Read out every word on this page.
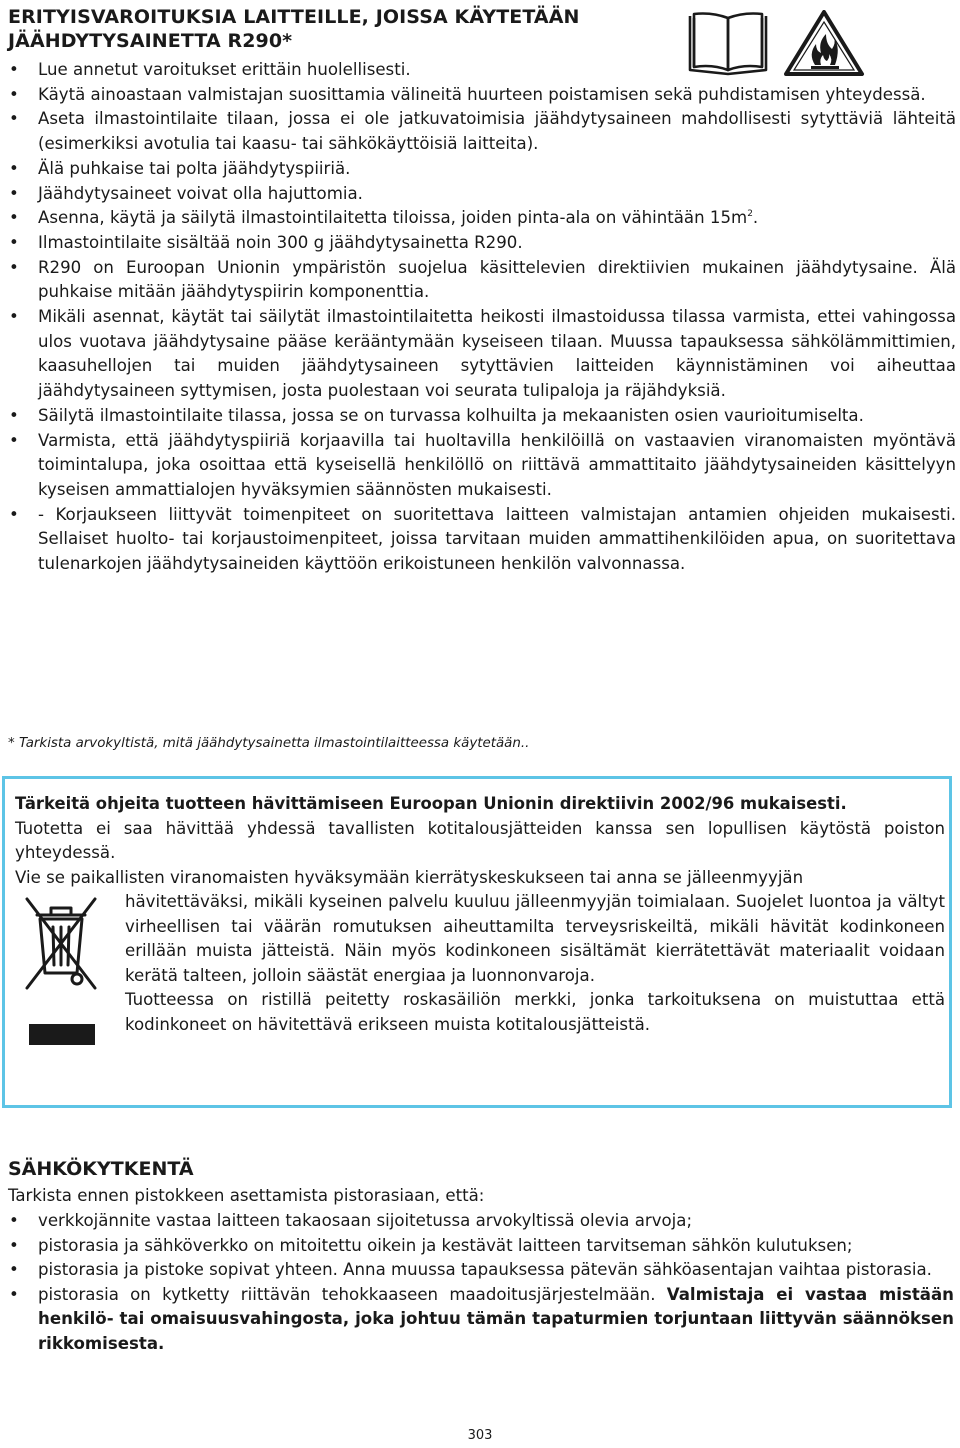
ERITYISVAROITUKSIA LAITTEILLE, JOISSA KÄYTETÄÄN
JÄÄHDYTYSAINETTA R290*
• Lue annetut varoitukset erittäin huolellisesti.
• Käytä ainoastaan valmistajan suosittamia välineitä huurteen poistamisen sekä puhdistamisen yhteydessä.
• Aseta ilmastointilaite tilaan, jossa ei ole jatkuvatoimisia jäähdytysaineen mahdollisesti sytyttäviä lähteitä (esimerkiksi avotulia tai kaasu- tai sähkökäyttöisiä laitteita).
• Älä puhkaise tai polta jäähdytyspiiriä.
• Jäähdytysaineet voivat olla hajuttomia.
• Asenna, käytä ja säilytä ilmastointilaitetta tiloissa, joiden pinta-ala on vähintään $15m^2$.
• Ilmastointilaite sisältää noin 300 g jäähdytysainetta R290.
• R290 on Euroopan Unionin ympäristön suojelua käsittelevien direktiivien mukainen jäähdytysaine. Älä puhkaise mitään jäähdytyspiirin komponenttia.
• Mikäli asennat, käytät tai säilytät ilmastointilaitetta heikosti ilmastoidussa tilassa varmista, ettei vahingossa ulos vuotava jäähdytysaine pääse kerääntymään kyseiseen tilaan. Muussa tapauksessa sähkölämmittimien, kaasuhellojen tai muiden jäähdytysaineen sytyttävien laitteiden käynnistäminen voi aiheuttaa jäähdytysaineen syttymisen, josta puolestaan voi seurata tulipaloja ja räjähdyksiä.
• Säilytä ilmastointilaite tilassa, jossa se on turvassa kolhuilta ja mekaanisten osien vaurioitumiselta.
• Varmista, että jäähdytyspiiriä korjaavilla tai huoltavilla henkilöillä on vastaavien viranomaisten myöntävä toimintalupa, joka osoittaa että kyseisellä henkilöllö on riittävä ammattitaito jäähdytysaineiden käsittelyyn kyseisen ammattialojen hyväksymien säännösten mukaisesti.
• - Korjaukseen liittyvät toimenpiteet on suoritettava laitteen valmistajan antamien ohjeiden mukaisesti. Sellaiset huolto- tai korjaustoimenpiteet, joissa tarvitaan muiden ammattihenkilöiden apua, on suoritettava tulenarkojen jäähdytysaineiden käyttöön erikoistuneen henkilön valvonnassa.
* Tarkista arvokyltistä, mitä jäähdytysainetta ilmastointilaitteessa käytetään..
Tärkeitä ohjeita tuotteen hävittämiseen Euroopan Unionin direktiivin 2002/96 mukaisesti.
Tuotetta ei saa hävittää yhdessä tavallisten kotitalousjätteiden kanssa sen lopullisen käytöstä poiston yhteydessä.
Vie se paikallisten viranomaisten hyväksymään kierrätyskeskukseen tai anna se jälleenmyyjän
hävitettäväksi, mikäli kyseinen palvelu kuuluu jälleenmyyjän toimialaan. Suojelet luontoa ja vältyt virheellisen tai väärän romutuksen aiheuttamilta terveysriskeiltä, mikäli hävität kodinkoneen erillään muista jätteistä. Näin myös kodinkoneen sisältämät kierrätettävät materiaalit voidaan kerätä talteen, jolloin säästät energiaa ja luonnonvaroja.
Tuotteessa on ristillä peitetty roskasäiliön merkki, jonka tarkoituksena on muistuttaa että kodinkoneet on hävitettävä erikseen muista kotitalousjätteistä.
SÄHKÖKYTKENTÄ
Tarkista ennen pistokkeen asettamista pistorasiaan, että:
• verkkojännite vastaa laitteen takaosaan sijoitetussa arvokyltissä olevia arvoja;
• pistorasia ja sähköverkko on mitoitettu oikein ja kestävät laitteen tarvitseman sähkön kulutuksen;
• pistorasia ja pistoke sopivat yhteen. Anna muussa tapauksessa pätevän sähköasentajan vaihtaa pistorasia.
• pistorasia on kytketty riittävän tehokkaaseen maadoitusjärjestelmään. Valmistaja ei vastaa mistään henkilö- tai omaisuusvahingosta, joka johtuu tämän tapaturmien torjuntaan liittyvän säännöksen rikkomisesta.
303
